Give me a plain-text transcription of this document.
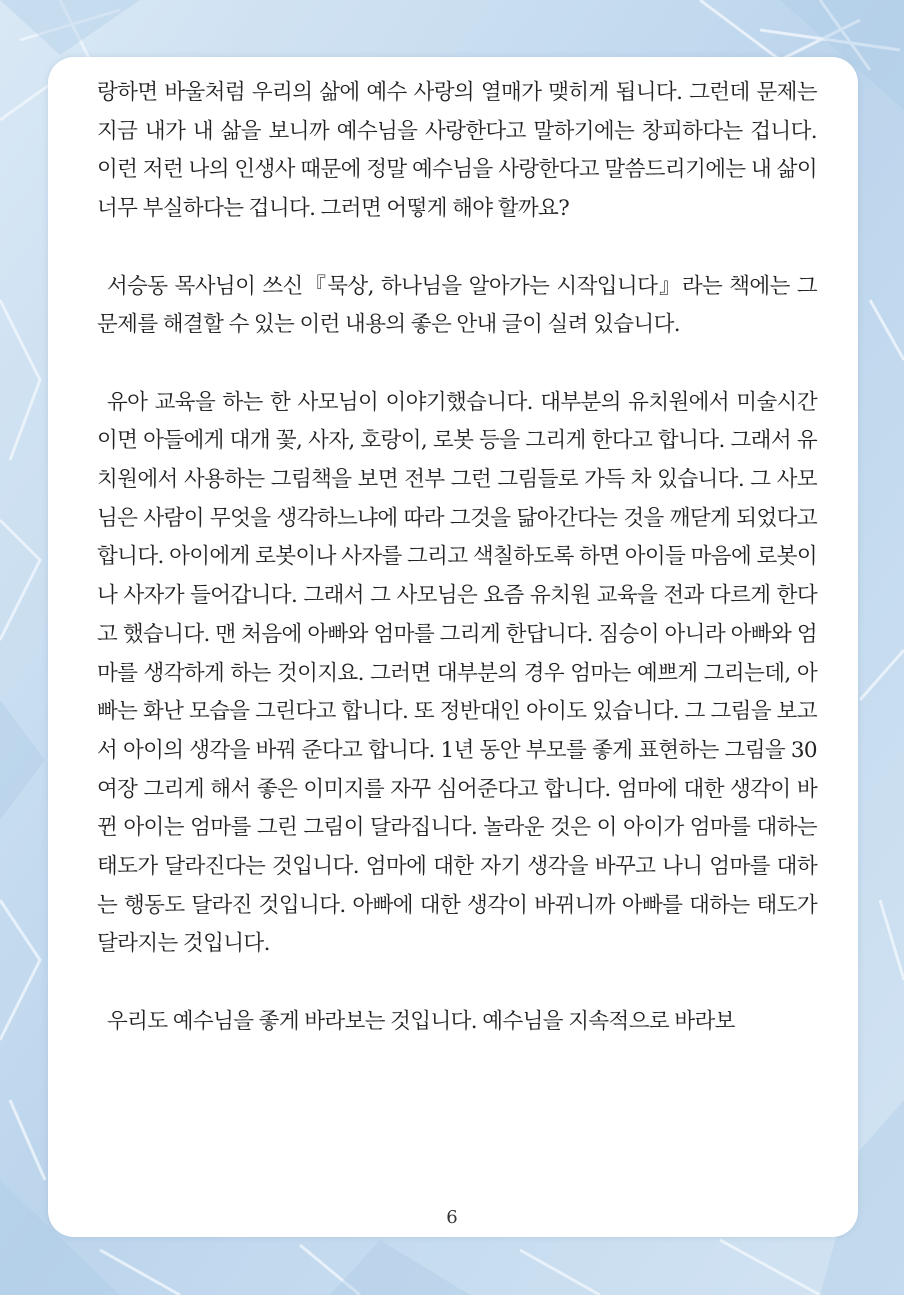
랑하면 바울처럼 우리의 삶에 예수 사랑의 열매가 맺히게 됩니다. 그런데 문제는 지금 내가 내 삶을 보니까 예수님을 사랑한다고 말하기에는 창피하다는 겁니다. 이런 저런 나의 인생사 때문에 정말 예수님을 사랑한다고 말씀드리기에는 내 삶이 너무 부실하다는 겁니다. 그러면 어떻게 해야 할까요?

서승동 목사님이 쓰신『묵상, 하나님을 알아가는 시작입니다』라는 책에는 그 문제를 해결할 수 있는 이런 내용의 좋은 안내 글이 실려 있습니다.

유아 교육을 하는 한 사모님이 이야기했습니다. 대부분의 유치원에서 미술시간이면 아들에게 대개 꽃, 사자, 호랑이, 로봇 등을 그리게 한다고 합니다. 그래서 유치원에서 사용하는 그림책을 보면 전부 그런 그림들로 가득 차 있습니다. 그 사모님은 사람이 무엇을 생각하느냐에 따라 그것을 닮아간다는 것을 깨닫게 되었다고 합니다. 아이에게 로봇이나 사자를 그리고 색칠하도록 하면 아이들 마음에 로봇이나 사자가 들어갑니다. 그래서 그 사모님은 요즘 유치원 교육을 전과 다르게 한다고 했습니다. 맨 처음에 아빠와 엄마를 그리게 한답니다. 짐승이 아니라 아빠와 엄마를 생각하게 하는 것이지요. 그러면 대부분의 경우 엄마는 예쁘게 그리는데, 아빠는 화난 모습을 그린다고 합니다. 또 정반대인 아이도 있습니다. 그 그림을 보고서 아이의 생각을 바꿔 준다고 합니다. 1년 동안 부모를 좋게 표현하는 그림을 30여장 그리게 해서 좋은 이미지를 자꾸 심어준다고 합니다. 엄마에 대한 생각이 바뀐 아이는 엄마를 그린 그림이 달라집니다. 놀라운 것은 이 아이가 엄마를 대하는 태도가 달라진다는 것입니다. 엄마에 대한 자기 생각을 바꾸고 나니 엄마를 대하는 행동도 달라진 것입니다. 아빠에 대한 생각이 바뀌니까 아빠를 대하는 태도가 달라지는 것입니다.

우리도 예수님을 좋게 바라보는 것입니다. 예수님을 지속적으로 바라보

6
